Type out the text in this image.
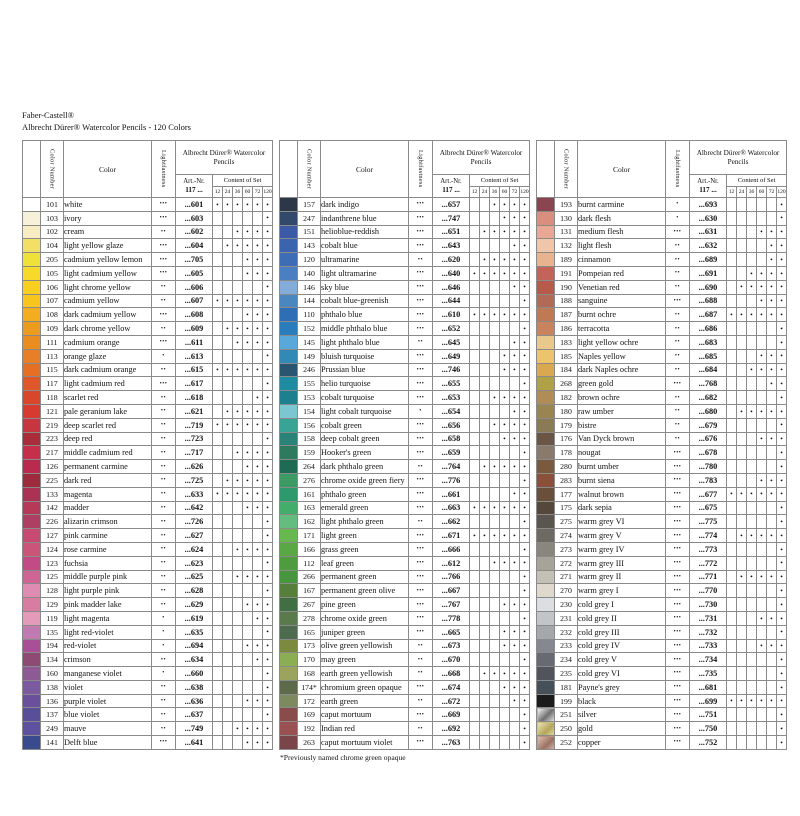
Faber-Castell®
Albrecht Dürer® Watercolor Pencils - 120 Colors
	Color Number	Color	Lightfastness	Albrecht Dürer® Watercolor Pencils						

				Art.-Nr.
117 ...	Content of Set					
					12	24	36	60	72	120
	101	white	•••	...601	•	•	•	•	•	•
	103	ivory	•••	...603						•
	102	cream	••	...602			•	•	•	•
	104	light yellow glaze	•••	...604		•	•	•	•	•
	205	cadmium yellow lemon	•••	...705				•	•	•
	105	light cadmium yellow	•••	...605				•	•	•
	106	light chrome yellow	••	...606						•
	107	cadmium yellow	••	...607	•	•	•	•	•	•
	108	dark cadmium yellow	•••	...608				•	•	•
	109	dark chrome yellow	••	...609		•	•	•	•	•
	111	cadmium orange	•••	...611			•	•	•	•
	113	orange glaze	•	...613						•
	115	dark cadmium orange	••	...615	•	•	•	•	•	•
	117	light cadmium red	•••	...617						•
	118	scarlet red	••	...618					•	•
	121	pale geranium lake	••	...621		•	•	•	•	•
	219	deep scarlet red	••	...719	•	•	•	•	•	•
	223	deep red	••	...723						•
	217	middle cadmium red	••	...717			•	•	•	•
	126	permanent carmine	••	...626				•	•	•
	225	dark red	••	...725		•	•	•	•	•
	133	magenta	••	...633	•	•	•	•	•	•
	142	madder	••	...642				•	•	•
	226	alizarin crimson	••	...726						•
	127	pink carmine	••	...627						•
	124	rose carmine	••	...624			•	•	•	•
	123	fuchsia	••	...623						•
	125	middle purple pink	••	...625			•	•	•	•
	128	light purple pink	••	...628						•
	129	pink madder lake	••	...629				•	•	•
	119	light magenta	•	...619					•	•
	135	light red-violet	•	...635						•
	194	red-violet	•	...694				•	•	•
	134	crimson	••	...634					•	•
	160	manganese violet	•	...660						•
	138	violet	••	...638						•
	136	purple violet	••	...636				•	•	•
	137	blue violet	••	...637						•
	249	mauve	••	...749			•	•	•	•
	141	Delft blue	•••	...641				•	•	•
	Color Number	Color	Lightfastness	Albrecht Dürer® Watercolor Pencils						

				Art.-Nr.
117 ...	Content of Set					
					12	24	36	60	72	120
	157	dark indigo	•••	...657			•	•	•	•
	247	indanthrene blue	•••	...747				•	•	•
	151	helioblue-reddish	•••	...651		•	•	•	•	•
	143	cobalt blue	•••	...643					•	•
	120	ultramarine	••	...620		•	•	•	•	•
	140	light ultramarine	•••	...640	•	•	•	•	•	•
	146	sky blue	•••	...646					•	•
	144	cobalt blue-greenish	•••	...644						•
	110	phthalo blue	•••	...610	•	•	•	•	•	•
	152	middle phthalo blue	•••	...652						•
	145	light phthalo blue	••	...645					•	•
	149	bluish turquoise	•••	...649				•	•	•
	246	Prussian blue	•••	...746				•	•	•
	155	helio turquoise	•••	...655						•
	153	cobalt turquoise	•••	...653			•	•	•	•
	154	light cobalt turquoise	•	...654					•	•
	156	cobalt green	•••	...656			•	•	•	•
	158	deep cobalt green	•••	...658				•	•	•
	159	Hooker's green	•••	...659						•
	264	dark phthalo green	••	...764		•	•	•	•	•
	276	chrome oxide green fiery	•••	...776						•
	161	phthalo green	•••	...661					•	•
	163	emerald green	•••	...663	•	•	•	•	•	•
	162	light phthalo green	••	...662						•
	171	light green	•••	...671	•	•	•	•	•	•
	166	grass green	•••	...666						•
	112	leaf green	•••	...612			•	•	•	•
	266	permanent green	•••	...766						•
	167	permanent green olive	•••	...667						•
	267	pine green	•••	...767				•	•	•
	278	chrome oxide green	•••	...778						•
	165	juniper green	•••	...665				•	•	•
	173	olive green yellowish	••	...673				•	•	•
	170	may green	••	...670						•
	168	earth green yellowish	••	...668		•	•	•	•	•
	174*	chromium green opaque	•••	...674				•	•	•
	172	earth green	••	...672					•	•
	169	caput mortuum	•••	...669						•
	192	Indian red	••	...692						•
	263	caput mortuum violet	•••	...763						•
*Previously named chrome green opaque
	Color Number	Color	Lightfastness	Albrecht Dürer® Watercolor Pencils						

				Art.-Nr.
117 ...	Content of Set					
					12	24	36	60	72	120
	193	burnt carmine	•	...693						•
	130	dark flesh	•	...630						•
	131	medium flesh	•••	...631				•	•	•
	132	light flesh	••	...632					•	•
	189	cinnamon	••	...689					•	•
	191	Pompeian red	••	...691			•	•	•	•
	190	Venetian red	••	...690		•	•	•	•	•
	188	sanguine	•••	...688				•	•	•
	187	burnt ochre	••	...687	•	•	•	•	•	•
	186	terracotta	••	...686						•
	183	light yellow ochre	••	...683						•
	185	Naples yellow	••	...685				•	•	•
	184	dark Naples ochre	••	...684			•	•	•	•
	268	green gold	•••	...768					•	•
	182	brown ochre	••	...682						•
	180	raw umber	••	...680		•	•	•	•	•
	179	bistre	••	...679						•
	176	Van Dyck brown	••	...676				•	•	•
	178	nougat	•••	...678						•
	280	burnt umber	•••	...780						•
	283	burnt siena	•••	...783				•	•	•
	177	walnut brown	•••	...677	•	•	•	•	•	•
	175	dark sepia	•••	...675						•
	275	warm grey VI	•••	...775						•
	274	warm grey V	•••	...774		•	•	•	•	•
	273	warm grey IV	•••	...773						•
	272	warm grey III	•••	...772						•
	271	warm grey II	•••	...771		•	•	•	•	•
	270	warm grey I	•••	...770						•
	230	cold grey I	•••	...730						•
	231	cold grey II	•••	...731				•	•	•
	232	cold grey III	•••	...732						•
	233	cold grey IV	•••	...733				•	•	•
	234	cold grey V	•••	...734						•
	235	cold grey VI	•••	...735						•
	181	Payne's grey	•••	...681						•
	199	black	•••	...699	•	•	•	•	•	•
	251	silver	•••	...751						•
	250	gold	•••	...750						•
	252	copper	•••	...752						•
